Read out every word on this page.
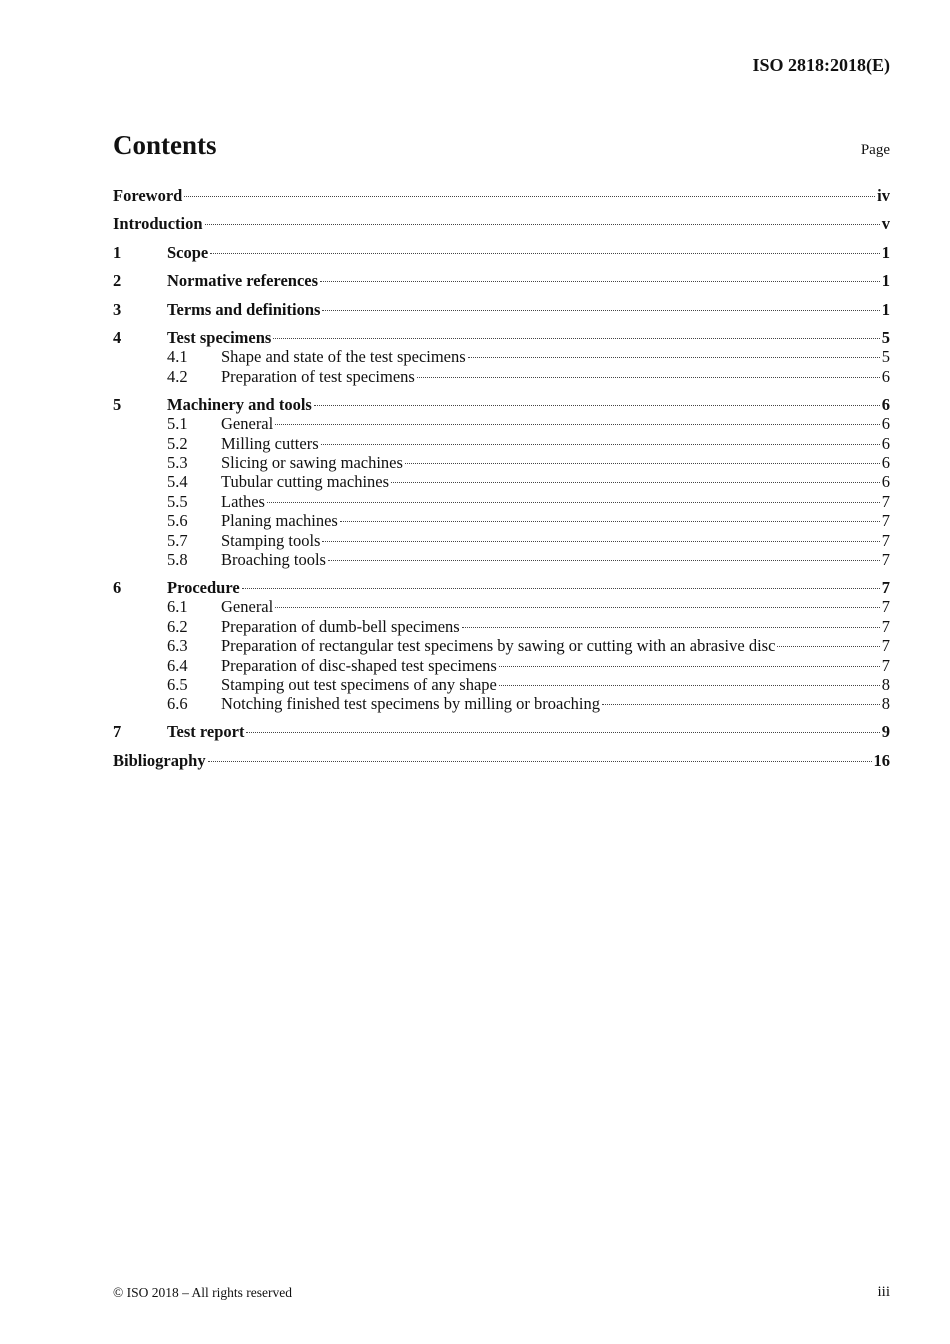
ISO 2818:2018(E)
Contents	Page
Foreword	iv
Introduction	v
1	Scope	1
2	Normative references	1
3	Terms and definitions	1
4	Test specimens	5
4.1	Shape and state of the test specimens	5
4.2	Preparation of test specimens	6
5	Machinery and tools	6
5.1	General	6
5.2	Milling cutters	6
5.3	Slicing or sawing machines	6
5.4	Tubular cutting machines	6
5.5	Lathes	7
5.6	Planing machines	7
5.7	Stamping tools	7
5.8	Broaching tools	7
6	Procedure	7
6.1	General	7
6.2	Preparation of dumb-bell specimens	7
6.3	Preparation of rectangular test specimens by sawing or cutting with an abrasive disc	7
6.4	Preparation of disc-shaped test specimens	7
6.5	Stamping out test specimens of any shape	8
6.6	Notching finished test specimens by milling or broaching	8
7	Test report	9
Bibliography	16
© ISO 2018 – All rights reserved	iii
